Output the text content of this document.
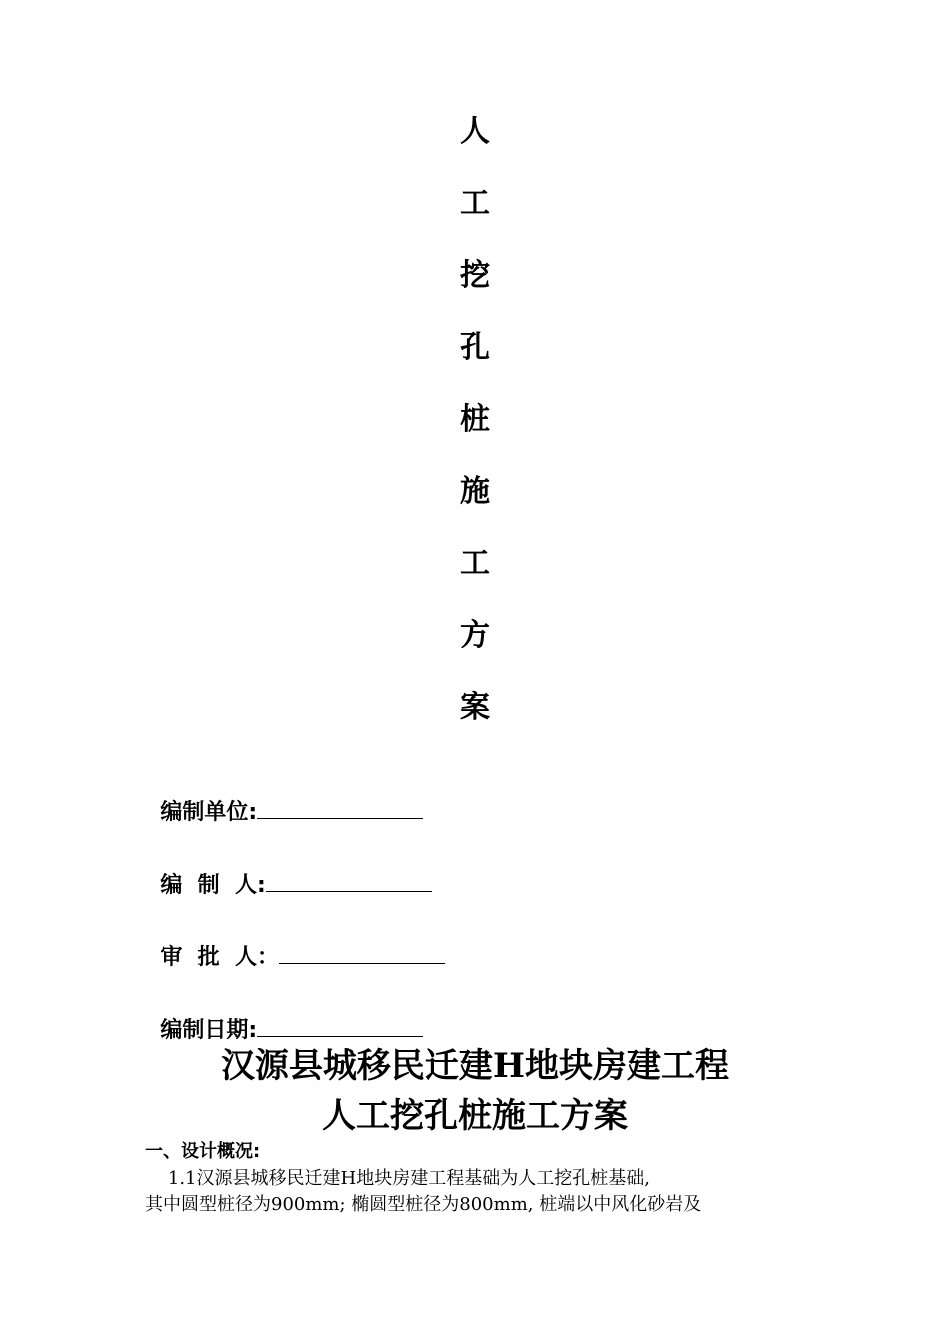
人
工
挖
孔
桩
施
工
方
案

编制单位:

编  制  人:

审  批  人：

编制日期:

汉源县城移民迁建H地块房建工程
人工挖孔桩施工方案
一、设计概况:
1.1汉源县城移民迁建H地块房建工程基础为人工挖孔桩基础,
其中圆型桩径为900mm; 椭圆型桩径为800mm, 桩端以中风化砂岩及
